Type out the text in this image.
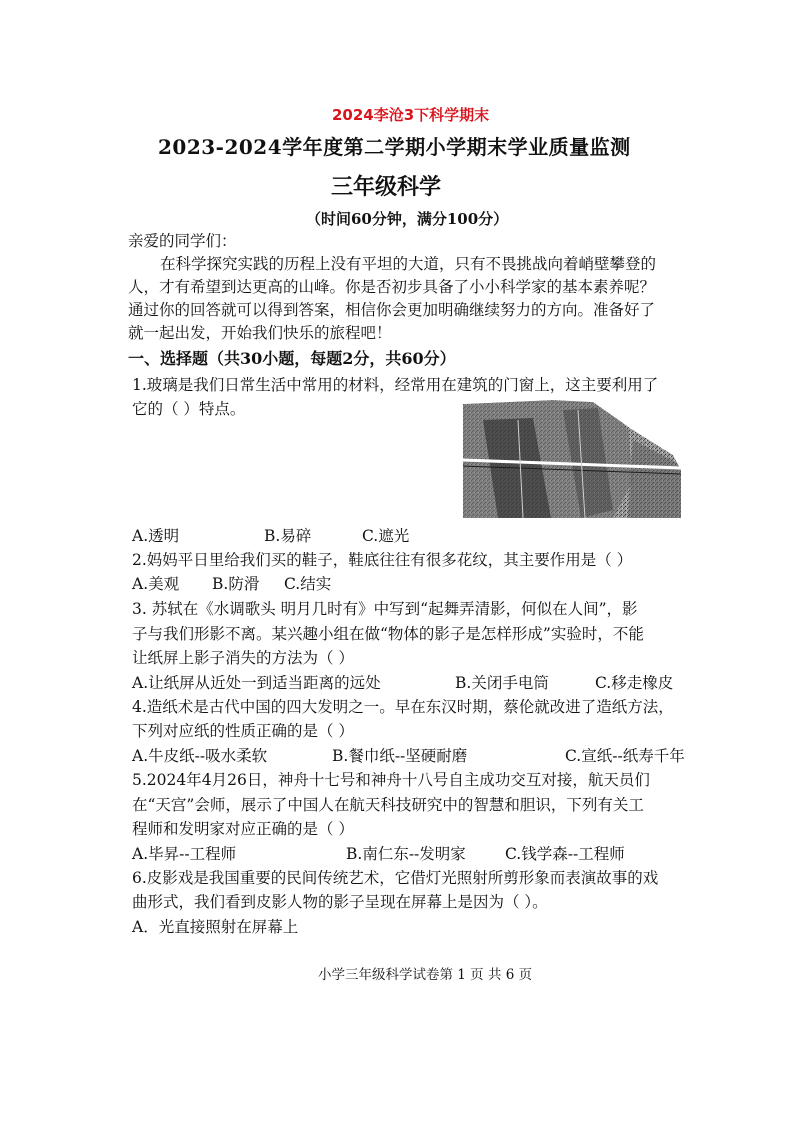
2024李沧3下科学期末
2023-2024学年度第二学期小学期末学业质量监测
三年级科学
（时间60分钟，满分100分）
亲爱的同学们：
在科学探究实践的历程上没有平坦的大道，只有不畏挑战向着峭壁攀登的
人，才有希望到达更高的山峰。你是否初步具备了小小科学家的基本素养呢？
通过你的回答就可以得到答案，相信你会更加明确继续努力的方向。准备好了
就一起出发，开始我们快乐的旅程吧！
一、选择题（共30小题，每题2分，共60分）
1.玻璃是我们日常生活中常用的材料，经常用在建筑的门窗上，这主要利用了
它的（ ）特点。
A.透明	B.易碎	C.遮光
2.妈妈平日里给我们买的鞋子，鞋底往往有很多花纹，其主要作用是（ ）
A.美观 B.防滑 C.结实
3. 苏轼在《水调歌头 明月几时有》中写到“起舞弄清影，何似在人间”，影
子与我们形影不离。某兴趣小组在做“物体的影子是怎样形成”实验时，不能
让纸屏上影子消失的方法为（ ）
A.让纸屏从近处一到适当距离的远处	B.关闭手电筒	C.移走橡皮
4.造纸术是古代中国的四大发明之一。早在东汉时期，蔡伦就改进了造纸方法，
下列对应纸的性质正确的是（ ）
A.牛皮纸--吸水柔软	B.餐巾纸--坚硬耐磨	C.宣纸--纸寿千年
5.2024年4月26日，神舟十七号和神舟十八号自主成功交互对接，航天员们
在“天宫”会师，展示了中国人在航天科技研究中的智慧和胆识，下列有关工
程师和发明家对应正确的是（ ）
A.毕昇--工程师	B.南仁东--发明家	C.钱学森--工程师
6.皮影戏是我国重要的民间传统艺术，它借灯光照射所剪形象而表演故事的戏
曲形式，我们看到皮影人物的影子呈现在屏幕上是因为（ ）。
A．光直接照射在屏幕上
小学三年级科学试卷第 1 页 共 6 页
